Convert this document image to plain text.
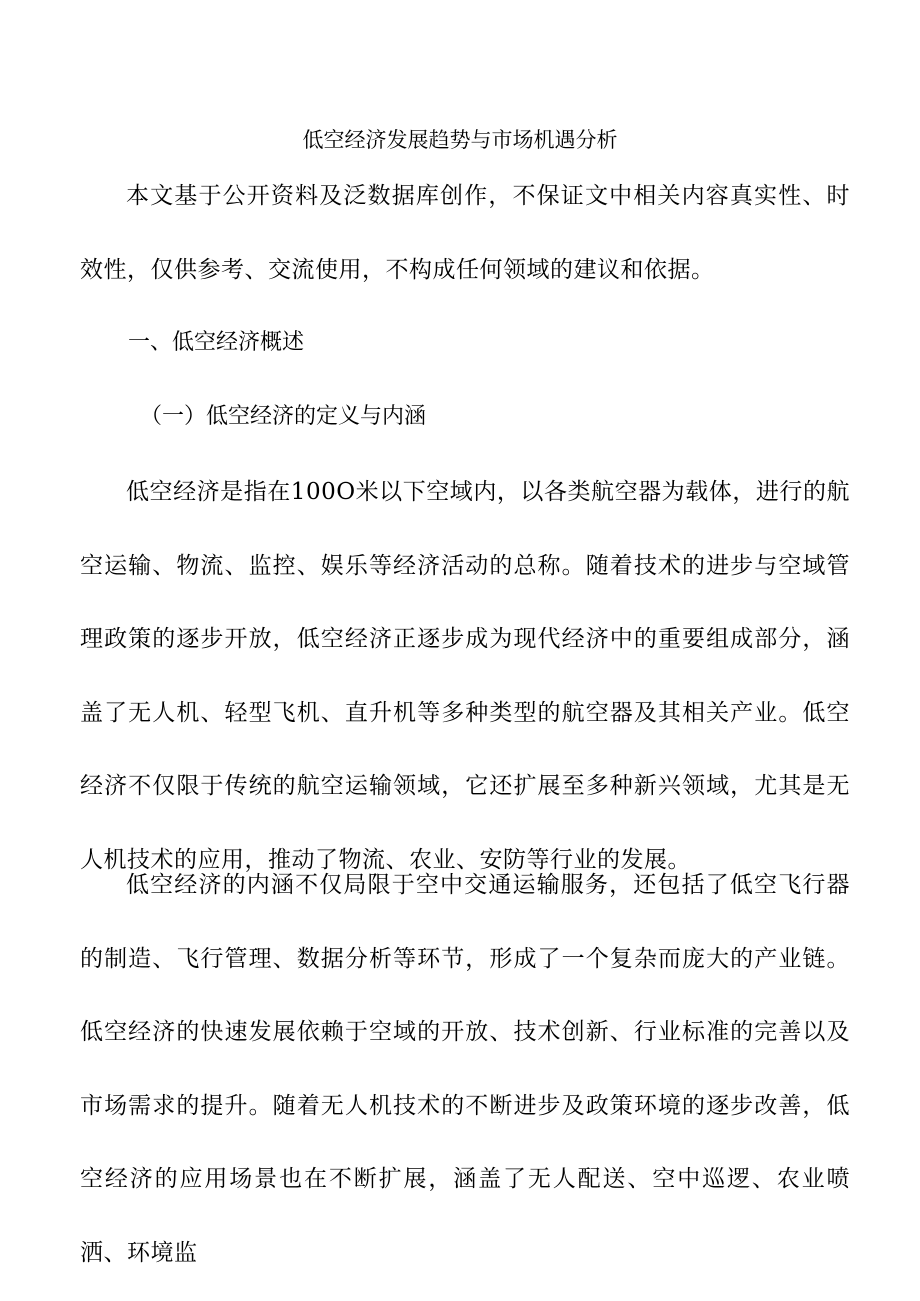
低空经济发展趋势与市场机遇分析
本文基于公开资料及泛数据库创作，不保证文中相关内容真实性、时效性，仅供参考、交流使用，不构成任何领域的建议和依据。
一、低空经济概述
（一）低空经济的定义与内涵
低空经济是指在100O米以下空域内，以各类航空器为载体，进行的航空运输、物流、监控、娱乐等经济活动的总称。随着技术的进步与空域管理政策的逐步开放，低空经济正逐步成为现代经济中的重要组成部分，涵盖了无人机、轻型飞机、直升机等多种类型的航空器及其相关产业。低空经济不仅限于传统的航空运输领域，它还扩展至多种新兴领域，尤其是无人机技术的应用，推动了物流、农业、安防等行业的发展。
低空经济的内涵不仅局限于空中交通运输服务，还包括了低空飞行器的制造、飞行管理、数据分析等环节，形成了一个复杂而庞大的产业链。低空经济的快速发展依赖于空域的开放、技术创新、行业标准的完善以及市场需求的提升。随着无人机技术的不断进步及政策环境的逐步改善，低空经济的应用场景也在不断扩展，涵盖了无人配送、空中巡逻、农业喷洒、环境监
